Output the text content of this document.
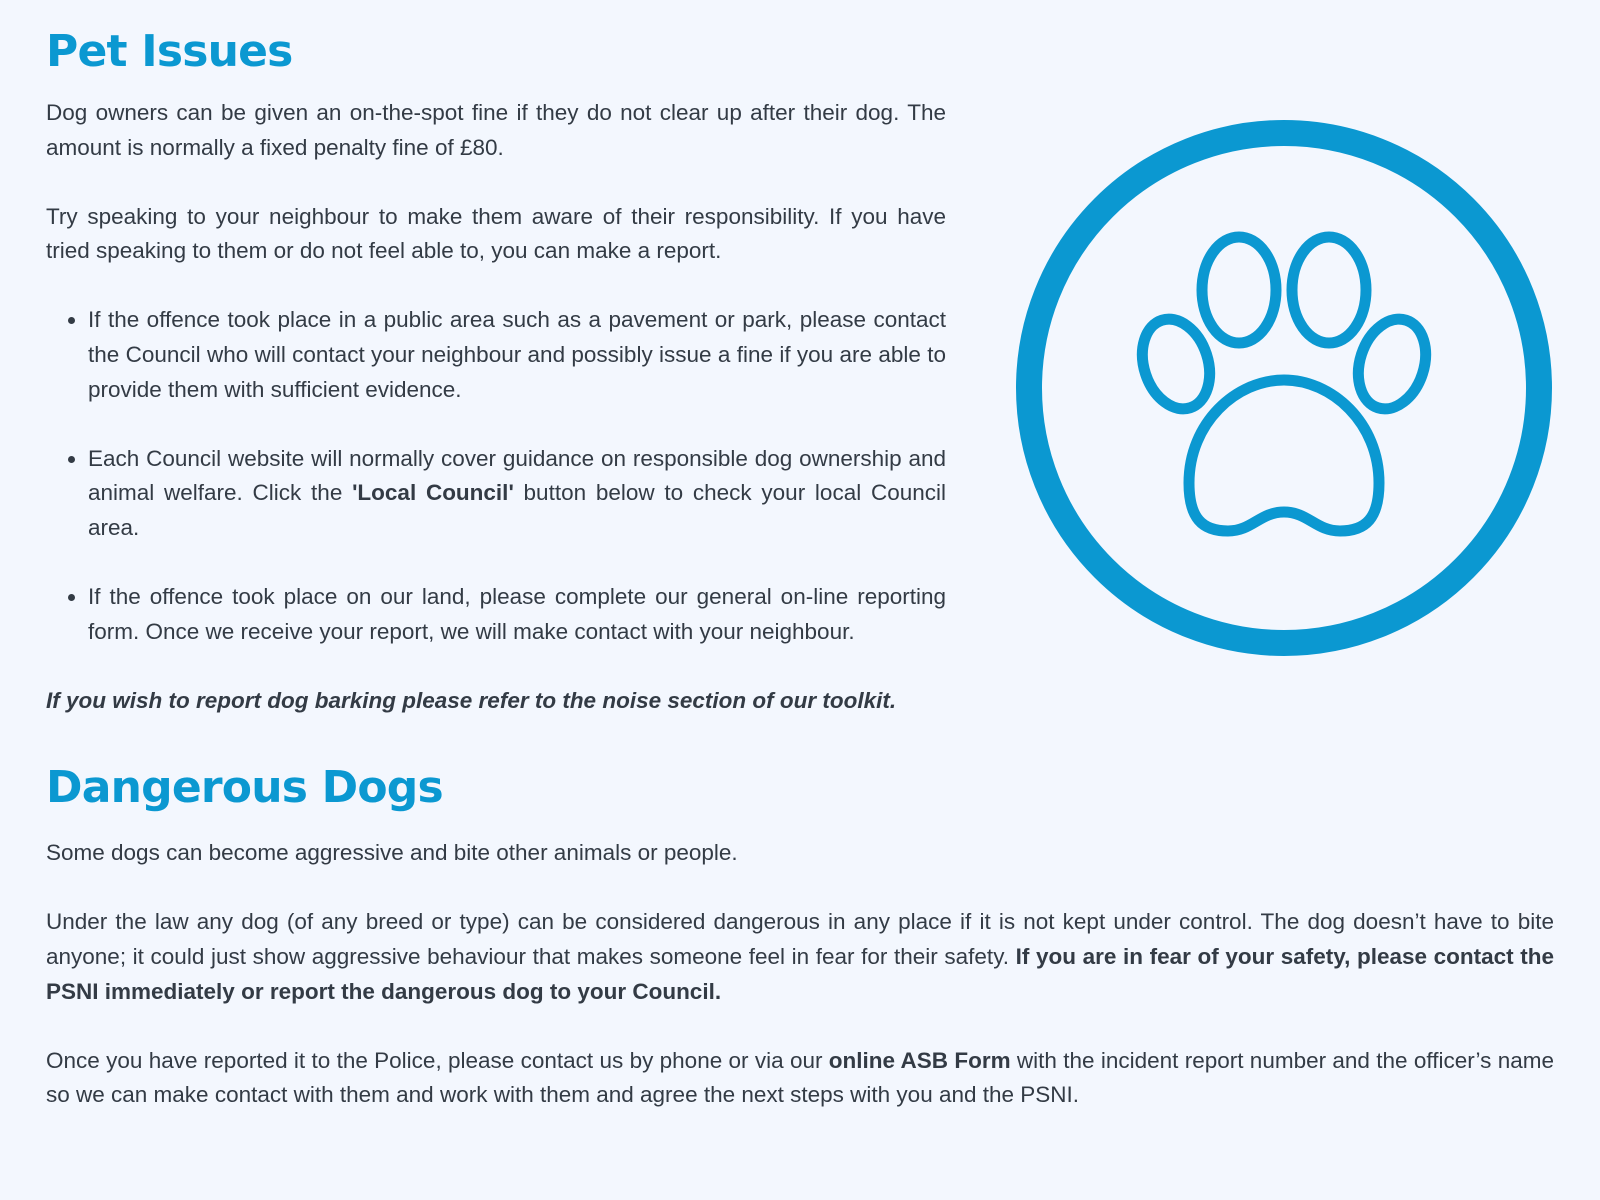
Pet Issues

Dog owners can be given an on-the-spot fine if they do not clear up after their dog. The amount is normally a fixed penalty fine of £80.

Try speaking to your neighbour to make them aware of their responsibility. If you have tried speaking to them or do not feel able to, you can make a report.

• If the offence took place in a public area such as a pavement or park, please contact the Council who will contact your neighbour and possibly issue a fine if you are able to provide them with sufficient evidence.
• Each Council website will normally cover guidance on responsible dog ownership and animal welfare. Click the 'Local Council' button below to check your local Council area.
• If the offence took place on our land, please complete our general on-line reporting form. Once we receive your report, we will make contact with your neighbour.

If you wish to report dog barking please refer to the noise section of our toolkit.

Dangerous Dogs

Some dogs can become aggressive and bite other animals or people.

Under the law any dog (of any breed or type) can be considered dangerous in any place if it is not kept under control. The dog doesn’t have to bite anyone; it could just show aggressive behaviour that makes someone feel in fear for their safety. If you are in fear of your safety, please contact the PSNI immediately or report the dangerous dog to your Council.

Once you have reported it to the Police, please contact us by phone or via our online ASB Form with the incident report number and the officer’s name so we can make contact with them and work with them and agree the next steps with you and the PSNI.
